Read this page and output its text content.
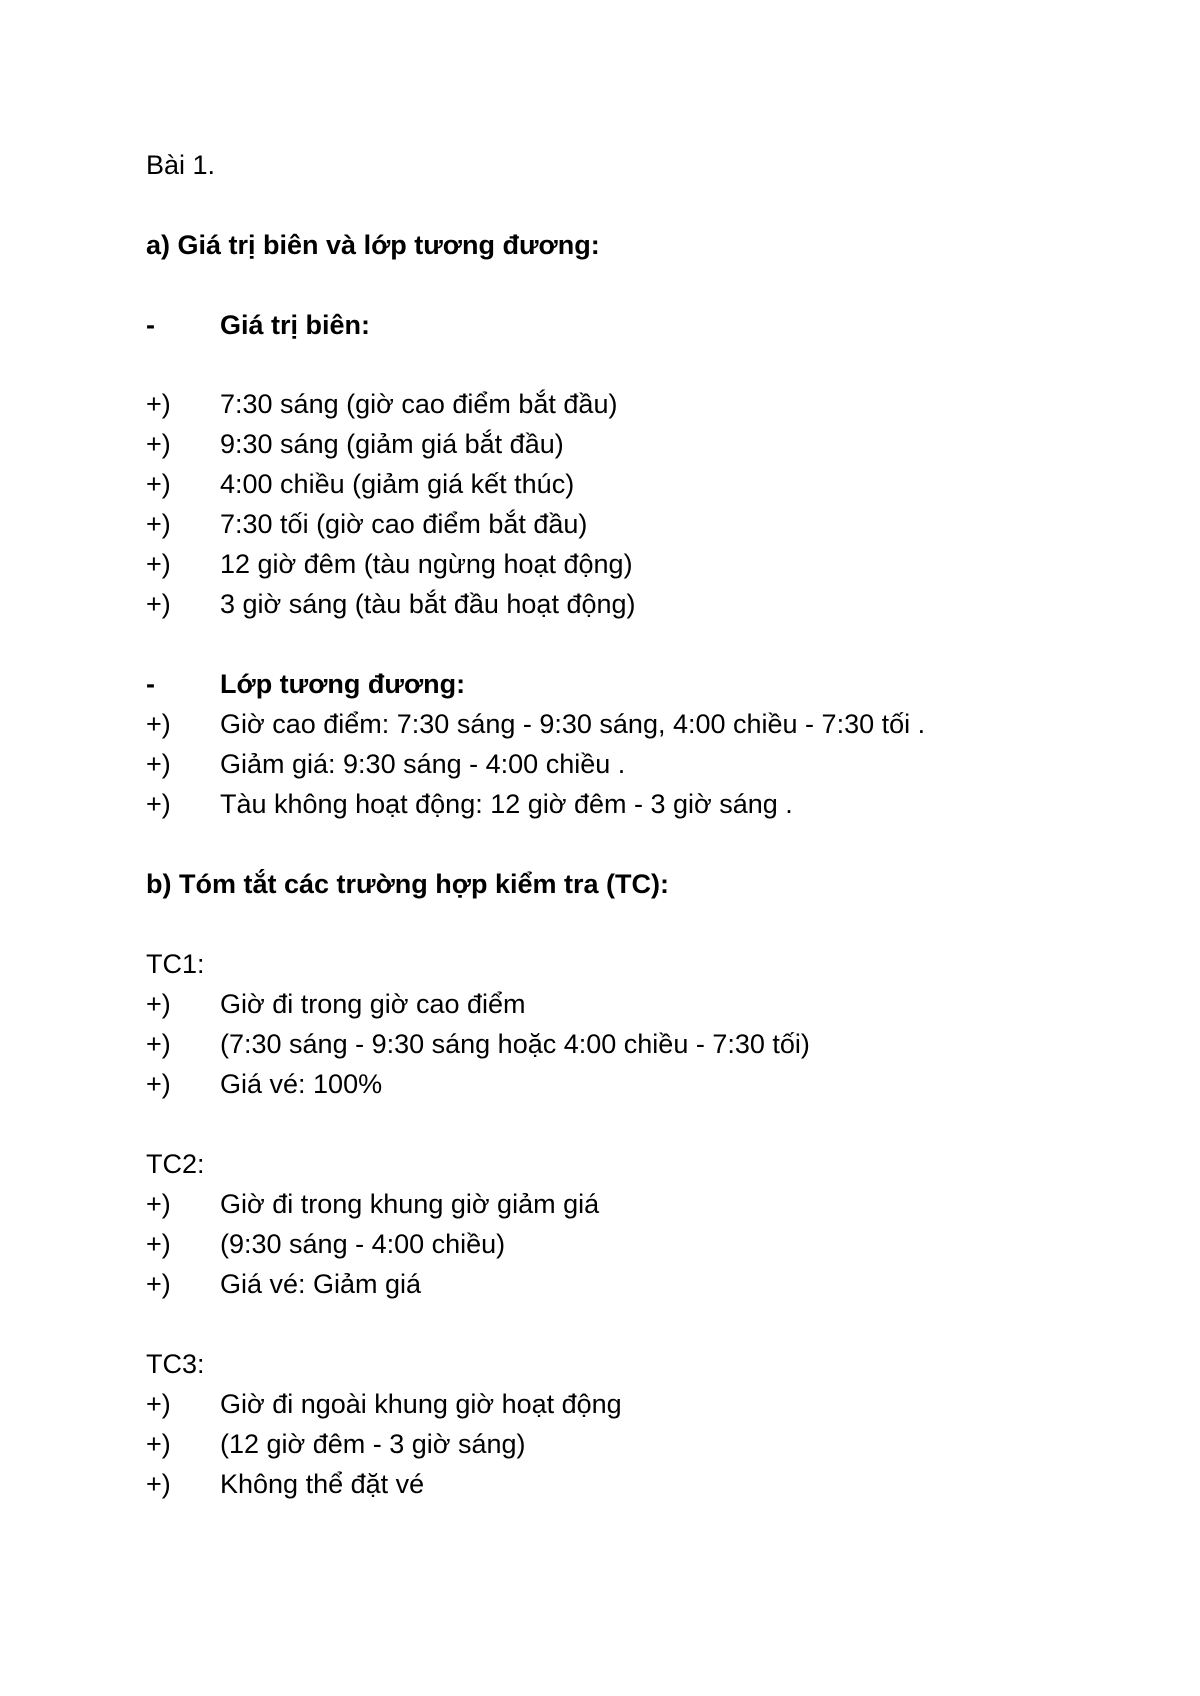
Bài 1.
a) Giá trị biên và lớp tương đương:
- Giá trị biên:
+) 7:30 sáng (giờ cao điểm bắt đầu)
+) 9:30 sáng (giảm giá bắt đầu)
+) 4:00 chiều (giảm giá kết thúc)
+) 7:30 tối (giờ cao điểm bắt đầu)
+) 12 giờ đêm (tàu ngừng hoạt động)
+) 3 giờ sáng (tàu bắt đầu hoạt động)
- Lớp tương đương:
+) Giờ cao điểm: 7:30 sáng - 9:30 sáng, 4:00 chiều - 7:30 tối .
+) Giảm giá: 9:30 sáng - 4:00 chiều .
+) Tàu không hoạt động: 12 giờ đêm - 3 giờ sáng .
b) Tóm tắt các trường hợp kiểm tra (TC):
TC1:
+) Giờ đi trong giờ cao điểm
+) (7:30 sáng - 9:30 sáng hoặc 4:00 chiều - 7:30 tối)
+) Giá vé: 100%
TC2:
+) Giờ đi trong khung giờ giảm giá
+) (9:30 sáng - 4:00 chiều)
+) Giá vé: Giảm giá
TC3:
+) Giờ đi ngoài khung giờ hoạt động
+) (12 giờ đêm - 3 giờ sáng)
+) Không thể đặt vé
